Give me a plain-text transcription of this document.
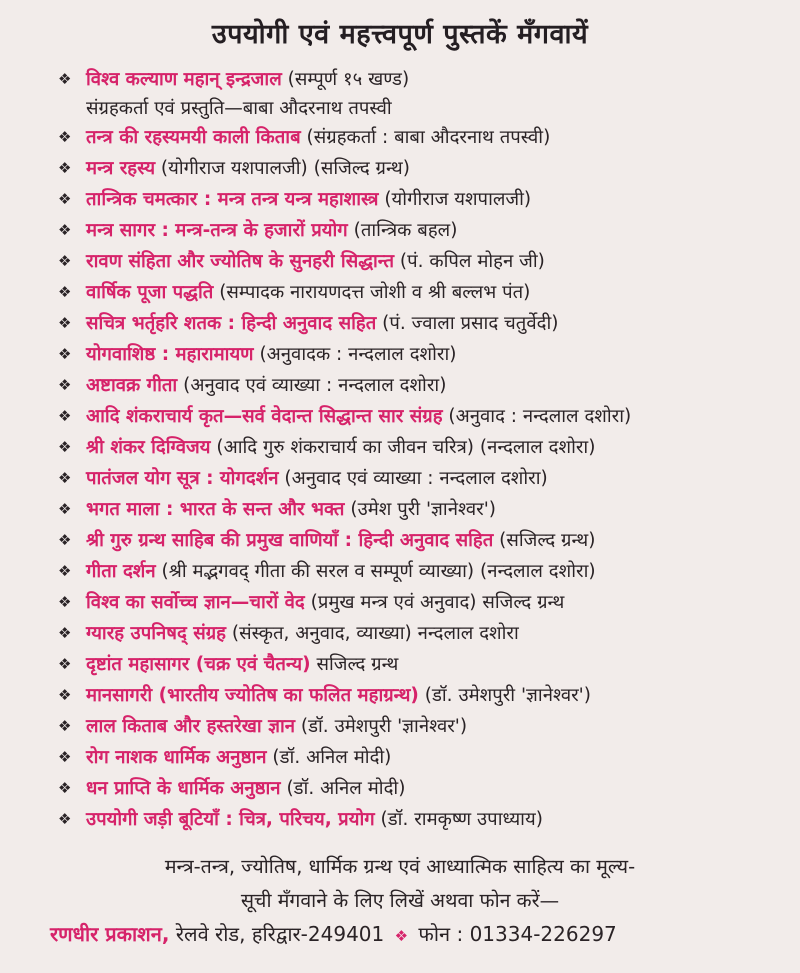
उपयोगी एवं महत्त्वपूर्ण पुस्तकें मँगवायें
❖ विश्व कल्याण महान् इन्द्रजाल (सम्पूर्ण १५ खण्ड)
संग्रहकर्ता एवं प्रस्तुति—बाबा औदरनाथ तपस्वी
❖ तन्त्र की रहस्यमयी काली किताब (संग्रहकर्ता : बाबा औदरनाथ तपस्वी)
❖ मन्त्र रहस्य (योगीराज यशपालजी) (सजिल्द ग्रन्थ)
❖ तान्त्रिक चमत्कार : मन्त्र तन्त्र यन्त्र महाशास्त्र (योगीराज यशपालजी)
❖ मन्त्र सागर : मन्त्र-तन्त्र के हजारों प्रयोग (तान्त्रिक बहल)
❖ रावण संहिता और ज्योतिष के सुनहरी सिद्धान्त (पं. कपिल मोहन जी)
❖ वार्षिक पूजा पद्धति (सम्पादक नारायणदत्त जोशी व श्री बल्लभ पंत)
❖ सचित्र भर्तृहरि शतक : हिन्दी अनुवाद सहित (पं. ज्वाला प्रसाद चतुर्वेदी)
❖ योगवाशिष्ठ : महारामायण (अनुवादक : नन्दलाल दशोरा)
❖ अष्टावक्र गीता (अनुवाद एवं व्याख्या : नन्दलाल दशोरा)
❖ आदि शंकराचार्य कृत—सर्व वेदान्त सिद्धान्त सार संग्रह (अनुवाद : नन्दलाल दशोरा)
❖ श्री शंकर दिग्विजय (आदि गुरु शंकराचार्य का जीवन चरित्र) (नन्दलाल दशोरा)
❖ पातंजल योग सूत्र : योगदर्शन (अनुवाद एवं व्याख्या : नन्दलाल दशोरा)
❖ भगत माला : भारत के सन्त और भक्त (उमेश पुरी 'ज्ञानेश्वर')
❖ श्री गुरु ग्रन्थ साहिब की प्रमुख वाणियाँ : हिन्दी अनुवाद सहित (सजिल्द ग्रन्थ)
❖ गीता दर्शन (श्री मद्भगवद् गीता की सरल व सम्पूर्ण व्याख्या) (नन्दलाल दशोरा)
❖ विश्व का सर्वोच्च ज्ञान—चारों वेद (प्रमुख मन्त्र एवं अनुवाद) सजिल्द ग्रन्थ
❖ ग्यारह उपनिषद् संग्रह (संस्कृत, अनुवाद, व्याख्या) नन्दलाल दशोरा
❖ दृष्टांत महासागर (चक्र एवं चैतन्य) सजिल्द ग्रन्थ
❖ मानसागरी (भारतीय ज्योतिष का फलित महाग्रन्थ) (डॉ. उमेशपुरी 'ज्ञानेश्वर')
❖ लाल किताब और हस्तरेखा ज्ञान (डॉ. उमेशपुरी 'ज्ञानेश्वर')
❖ रोग नाशक धार्मिक अनुष्ठान (डॉ. अनिल मोदी)
❖ धन प्राप्ति के धार्मिक अनुष्ठान (डॉ. अनिल मोदी)
❖ उपयोगी जड़ी बूटियाँ : चित्र, परिचय, प्रयोग (डॉ. रामकृष्ण उपाध्याय)
मन्त्र-तन्त्र, ज्योतिष, धार्मिक ग्रन्थ एवं आध्यात्मिक साहित्य का मूल्य-
सूची मँगवाने के लिए लिखें अथवा फोन करें—
रणधीर प्रकाशन, रेलवे रोड, हरिद्वार-249401 ❖ फोन : 01334-226297
